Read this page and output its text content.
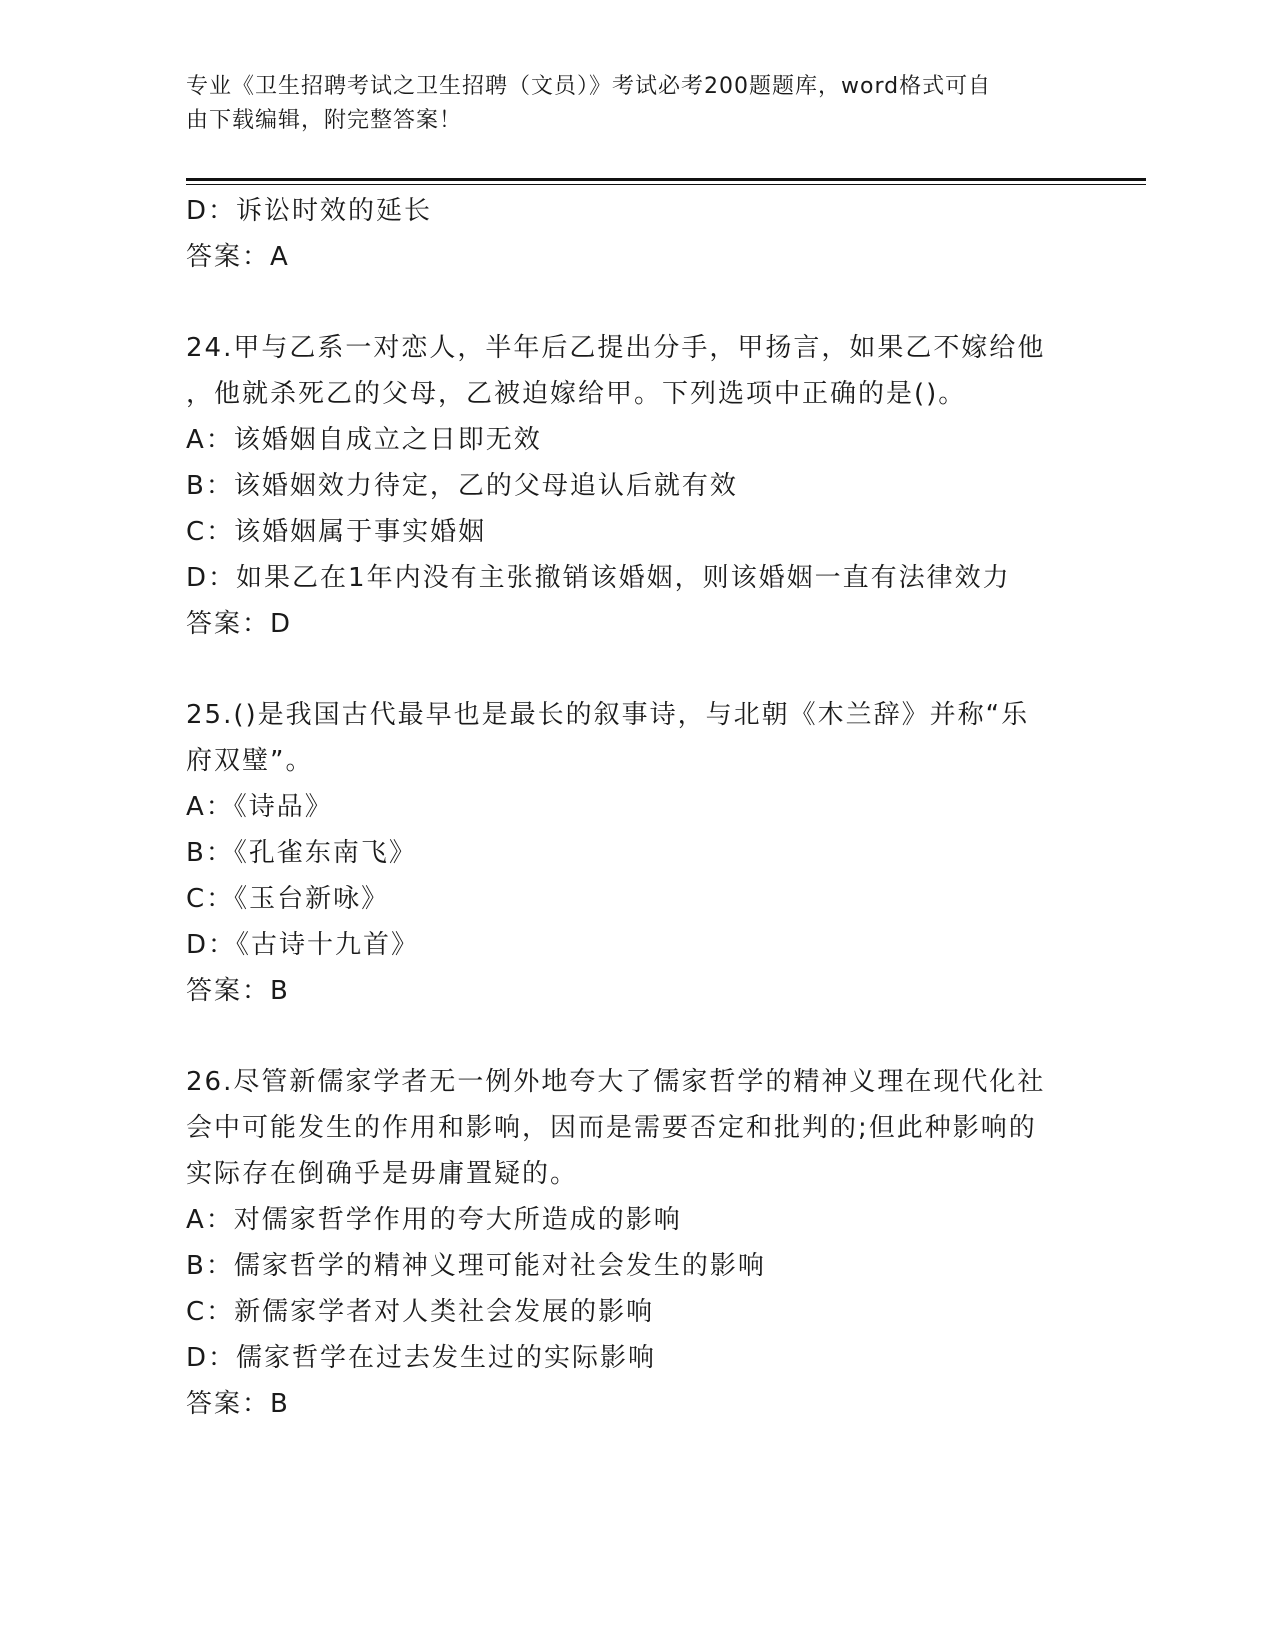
专业《卫生招聘考试之卫生招聘（文员）》考试必考200题题库，word格式可自
由下载编辑，附完整答案！
D：诉讼时效的延长
答案：A
24.甲与乙系一对恋人，半年后乙提出分手，甲扬言，如果乙不嫁给他
，他就杀死乙的父母，乙被迫嫁给甲。下列选项中正确的是()。
A：该婚姻自成立之日即无效
B：该婚姻效力待定，乙的父母追认后就有效
C：该婚姻属于事实婚姻
D：如果乙在1年内没有主张撤销该婚姻，则该婚姻一直有法律效力
答案：D
25.()是我国古代最早也是最长的叙事诗，与北朝《木兰辞》并称“乐
府双璧”。
A：《诗品》
B：《孔雀东南飞》
C：《玉台新咏》
D：《古诗十九首》
答案：B
26.尽管新儒家学者无一例外地夸大了儒家哲学的精神义理在现代化社
会中可能发生的作用和影响，因而是需要否定和批判的;但此种影响的
实际存在倒确乎是毋庸置疑的。
A：对儒家哲学作用的夸大所造成的影响
B：儒家哲学的精神义理可能对社会发生的影响
C：新儒家学者对人类社会发展的影响
D：儒家哲学在过去发生过的实际影响
答案：B
